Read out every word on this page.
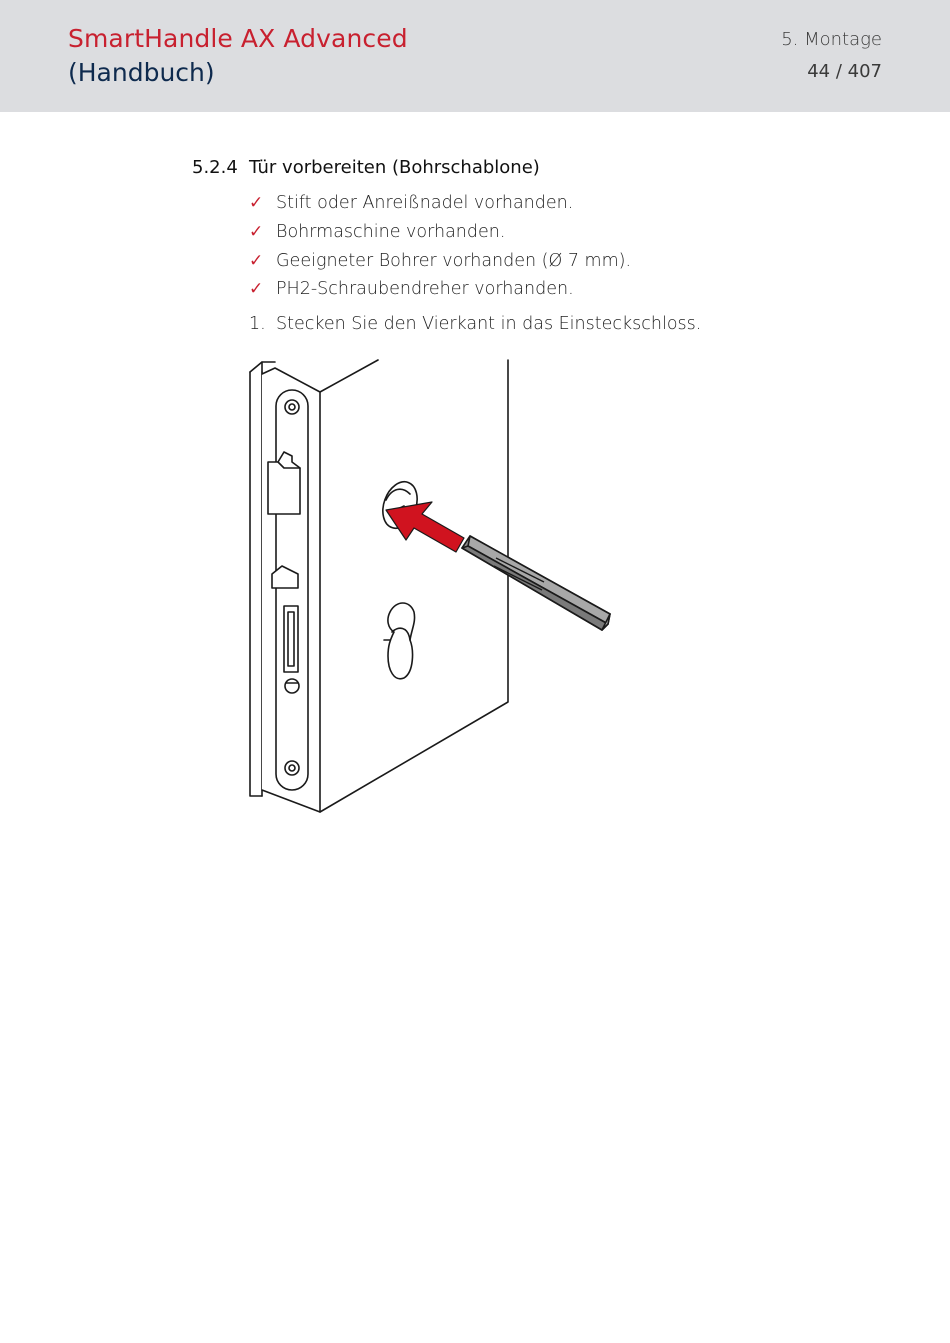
SmartHandle AX Advanced
(Handbuch)
5. Montage
44 / 407
5.2.4 Tür vorbereiten (Bohrschablone)
✓ Stift oder Anreißnadel vorhanden.
✓ Bohrmaschine vorhanden.
✓ Geeigneter Bohrer vorhanden (Ø 7 mm).
✓ PH2-Schraubendreher vorhanden.
1. Stecken Sie den Vierkant in das Einsteckschloss.
